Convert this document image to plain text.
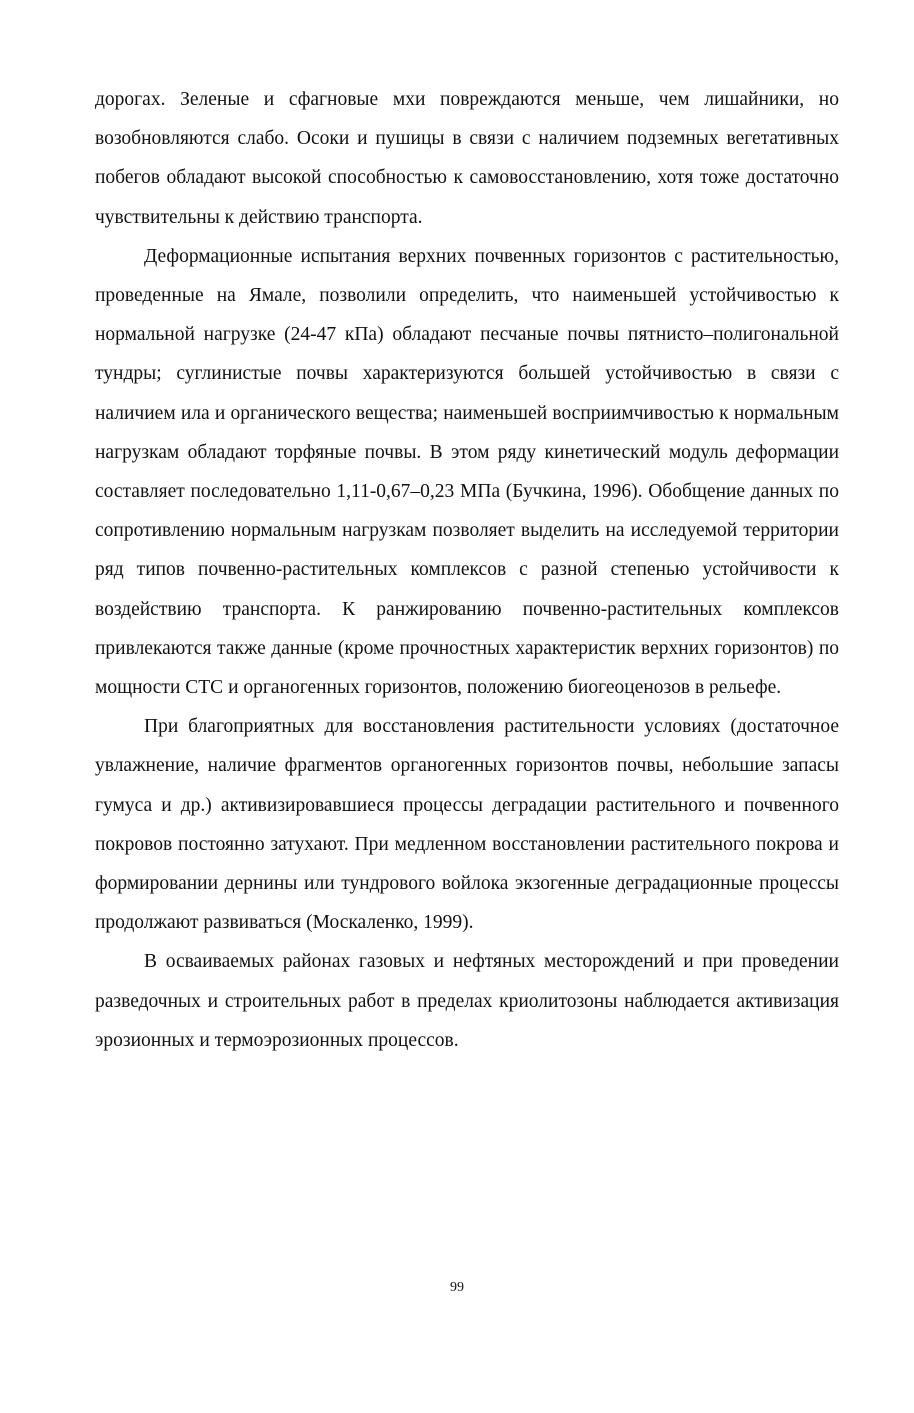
дорогах. Зеленые и сфагновые мхи повреждаются меньше, чем лишайники, но возобновляются слабо. Осоки и пушицы в связи с наличием подземных вегетативных побегов обладают высокой способностью к самовосстановлению, хотя тоже достаточно чувствительны к действию транспорта.

Деформационные испытания верхних почвенных горизонтов с растительностью, проведенные на Ямале, позволили определить, что наименьшей устойчивостью к нормальной нагрузке (24-47 кПа) обладают песчаные почвы пятнисто–полигональной тундры; суглинистые почвы характеризуются большей устойчивостью в связи с наличием ила и органического вещества; наименьшей восприимчивостью к нормальным нагрузкам обладают торфяные почвы. В этом ряду кинетический модуль деформации составляет последовательно 1,11-0,67–0,23 МПа (Бучкина, 1996). Обобщение данных по сопротивлению нормальным нагрузкам позволяет выделить на исследуемой территории ряд типов почвенно-растительных комплексов с разной степенью устойчивости к воздействию транспорта. К ранжированию почвенно-растительных комплексов привлекаются также данные (кроме прочностных характеристик верхних горизонтов) по мощности СТС и органогенных горизонтов, положению биогеоценозов в рельефе.

При благоприятных для восстановления растительности условиях (достаточное увлажнение, наличие фрагментов органогенных горизонтов почвы, небольшие запасы гумуса и др.) активизировавшиеся процессы деградации растительного и почвенного покровов постоянно затухают. При медленном восстановлении растительного покрова и формировании дернины или тундрового войлока экзогенные деградационные процессы продолжают развиваться (Москаленко, 1999).

В осваиваемых районах газовых и нефтяных месторождений и при проведении разведочных и строительных работ в пределах криолитозоны наблюдается активизация эрозионных и термоэрозионных процессов.

99
